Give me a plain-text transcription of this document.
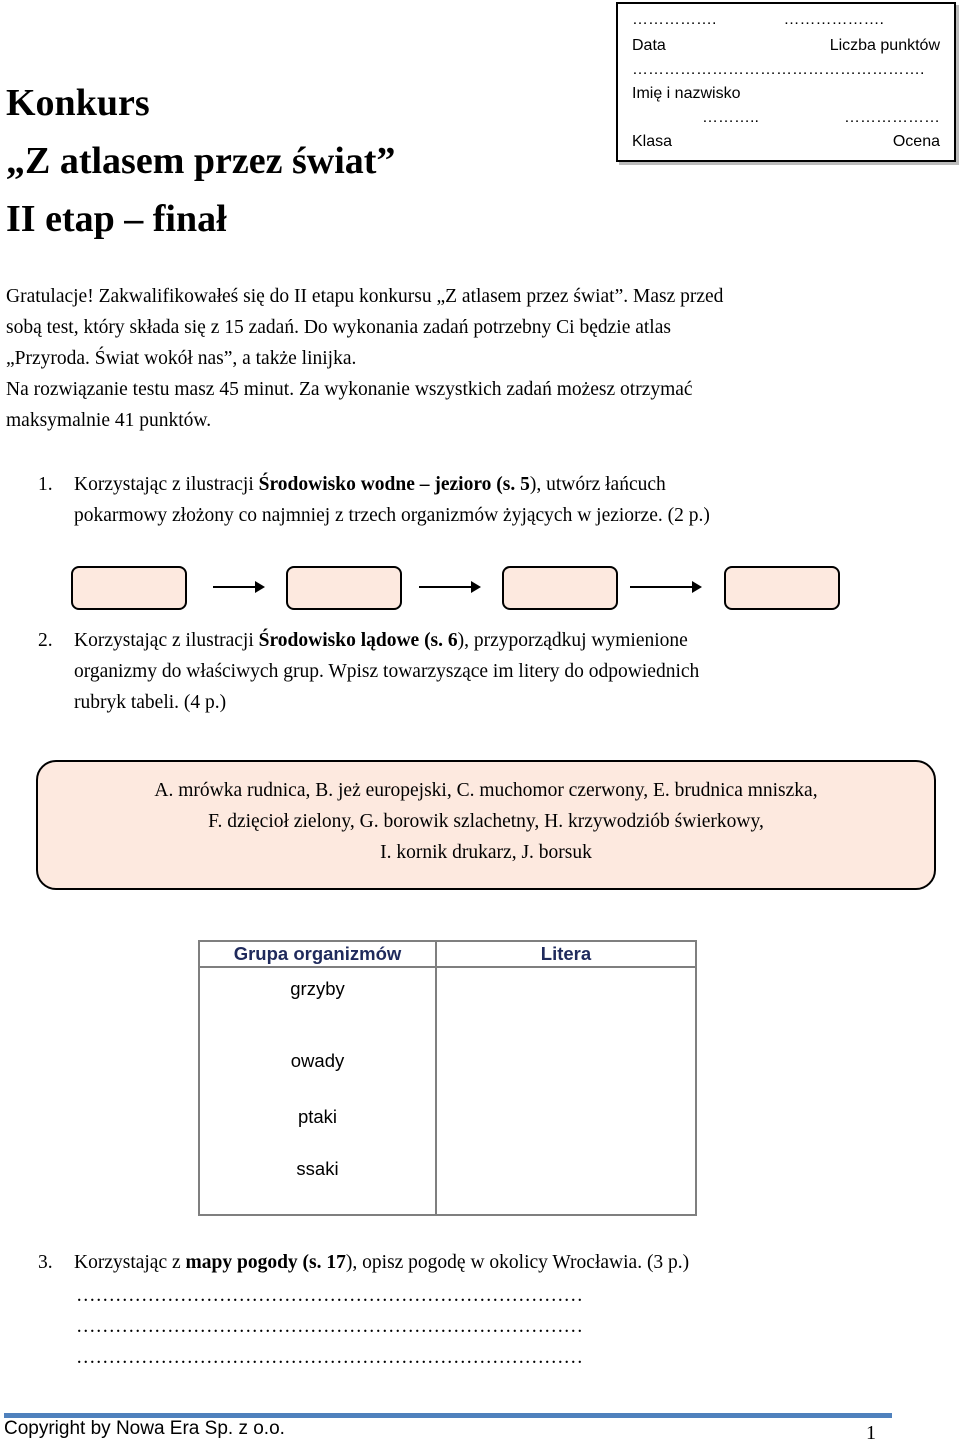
Konkurs
„Z atlasem przez świat”
II etap – finał
…………….	……………….
Data	Liczba punktów
……………………………………………….
Imię i nazwisko
………..	………………
Klasa	Ocena
Gratulacje! Zakwalifikowałeś się do II etapu konkursu „Z atlasem przez świat”. Masz przed
sobą test, który składa się z 15 zadań. Do wykonania zadań potrzebny Ci będzie atlas
„Przyroda. Świat wokół nas”, a także linijka.
Na rozwiązanie testu masz 45 minut. Za wykonanie wszystkich zadań możesz otrzymać
maksymalnie 41 punktów.
1. Korzystając z ilustracji Środowisko wodne – jezioro (s. 5), utwórz łańcuch
pokarmowy złożony co najmniej z trzech organizmów żyjących w jeziorze. (2 p.)
2. Korzystając z ilustracji Środowisko lądowe (s. 6), przyporządkuj wymienione
organizmy do właściwych grup. Wpisz towarzyszące im litery do odpowiednich
rubryk tabeli. (4 p.)
A. mrówka rudnica, B. jeż europejski, C. muchomor czerwony, E. brudnica mniszka,
F. dzięcioł zielony, G. borowik szlachetny, H. krzywodziób świerkowy,
I. kornik drukarz, J. borsuk
Grupa organizmów	Litera
grzyby	
owady	
ptaki	
ssaki	
3. Korzystając z mapy pogody (s. 17), opisz pogodę w okolicy Wrocławia. (3 p.)
……………………………………………………………………
……………………………………………………………………
……………………………………………………………………
Copyright by Nowa Era Sp. z o.o.	1
